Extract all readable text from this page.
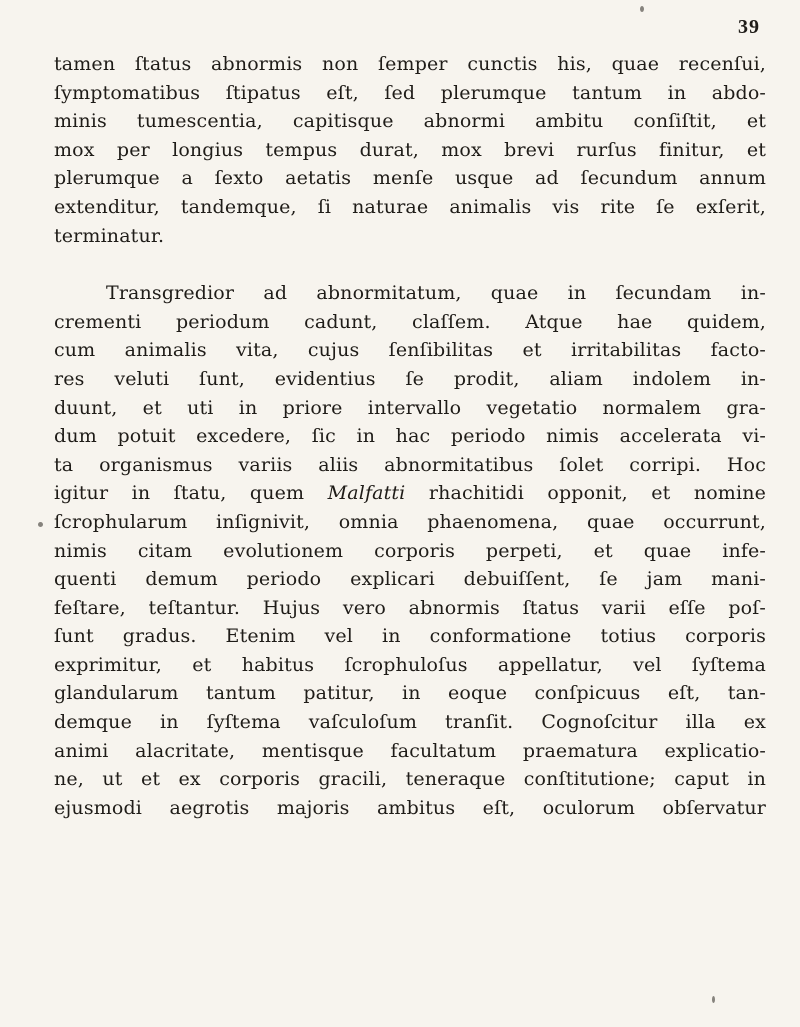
39

tamen ſtatus abnormis non ſemper cunctis his, quae recenſui,
ſymptomatibus ſtipatus eſt, ſed plerumque tantum in abdo-
minis tumescentia, capitisque abnormi ambitu conſiſtit, et
mox per longius tempus durat, mox brevi rurſus finitur, et
plerumque a ſexto aetatis menſe usque ad ſecundum annum
extenditur, tandemque, ſi naturae animalis vis rite ſe exſerit,
terminatur.

Transgredior ad abnormitatum, quae in ſecundam in-
crementi periodum cadunt, claſſem. Atque hae quidem,
cum animalis vita, cujus ſenſibilitas et irritabilitas facto-
res veluti ſunt, evidentius ſe prodit, aliam indolem in-
duunt, et uti in priore intervallo vegetatio normalem gra-
dum potuit excedere, ſic in hac periodo nimis accelerata vi-
ta organismus variis aliis abnormitatibus ſolet corripi. Hoc
igitur in ſtatu, quem Malfatti rhachitidi opponit, et nomine
ſcrophularum inſignivit, omnia phaenomena, quae occurrunt,
nimis citam evolutionem corporis perpeti, et quae infe-
quenti demum periodo explicari debuiſſent, ſe jam mani-
feſtare, teſtantur. Hujus vero abnormis ſtatus varii eſſe poſ-
ſunt gradus. Etenim vel in conformatione totius corporis
exprimitur, et habitus ſcrophuloſus appellatur, vel ſyſtema
glandularum tantum patitur, in eoque conſpicuus eſt, tan-
demque in ſyſtema vaſculoſum tranſit. Cognoſcitur illa ex
animi alacritate, mentisque facultatum praematura explicatio-
ne, ut et ex corporis gracili, teneraque conſtitutione; caput in
ejusmodi aegrotis majoris ambitus eſt, oculorum obſervatur
